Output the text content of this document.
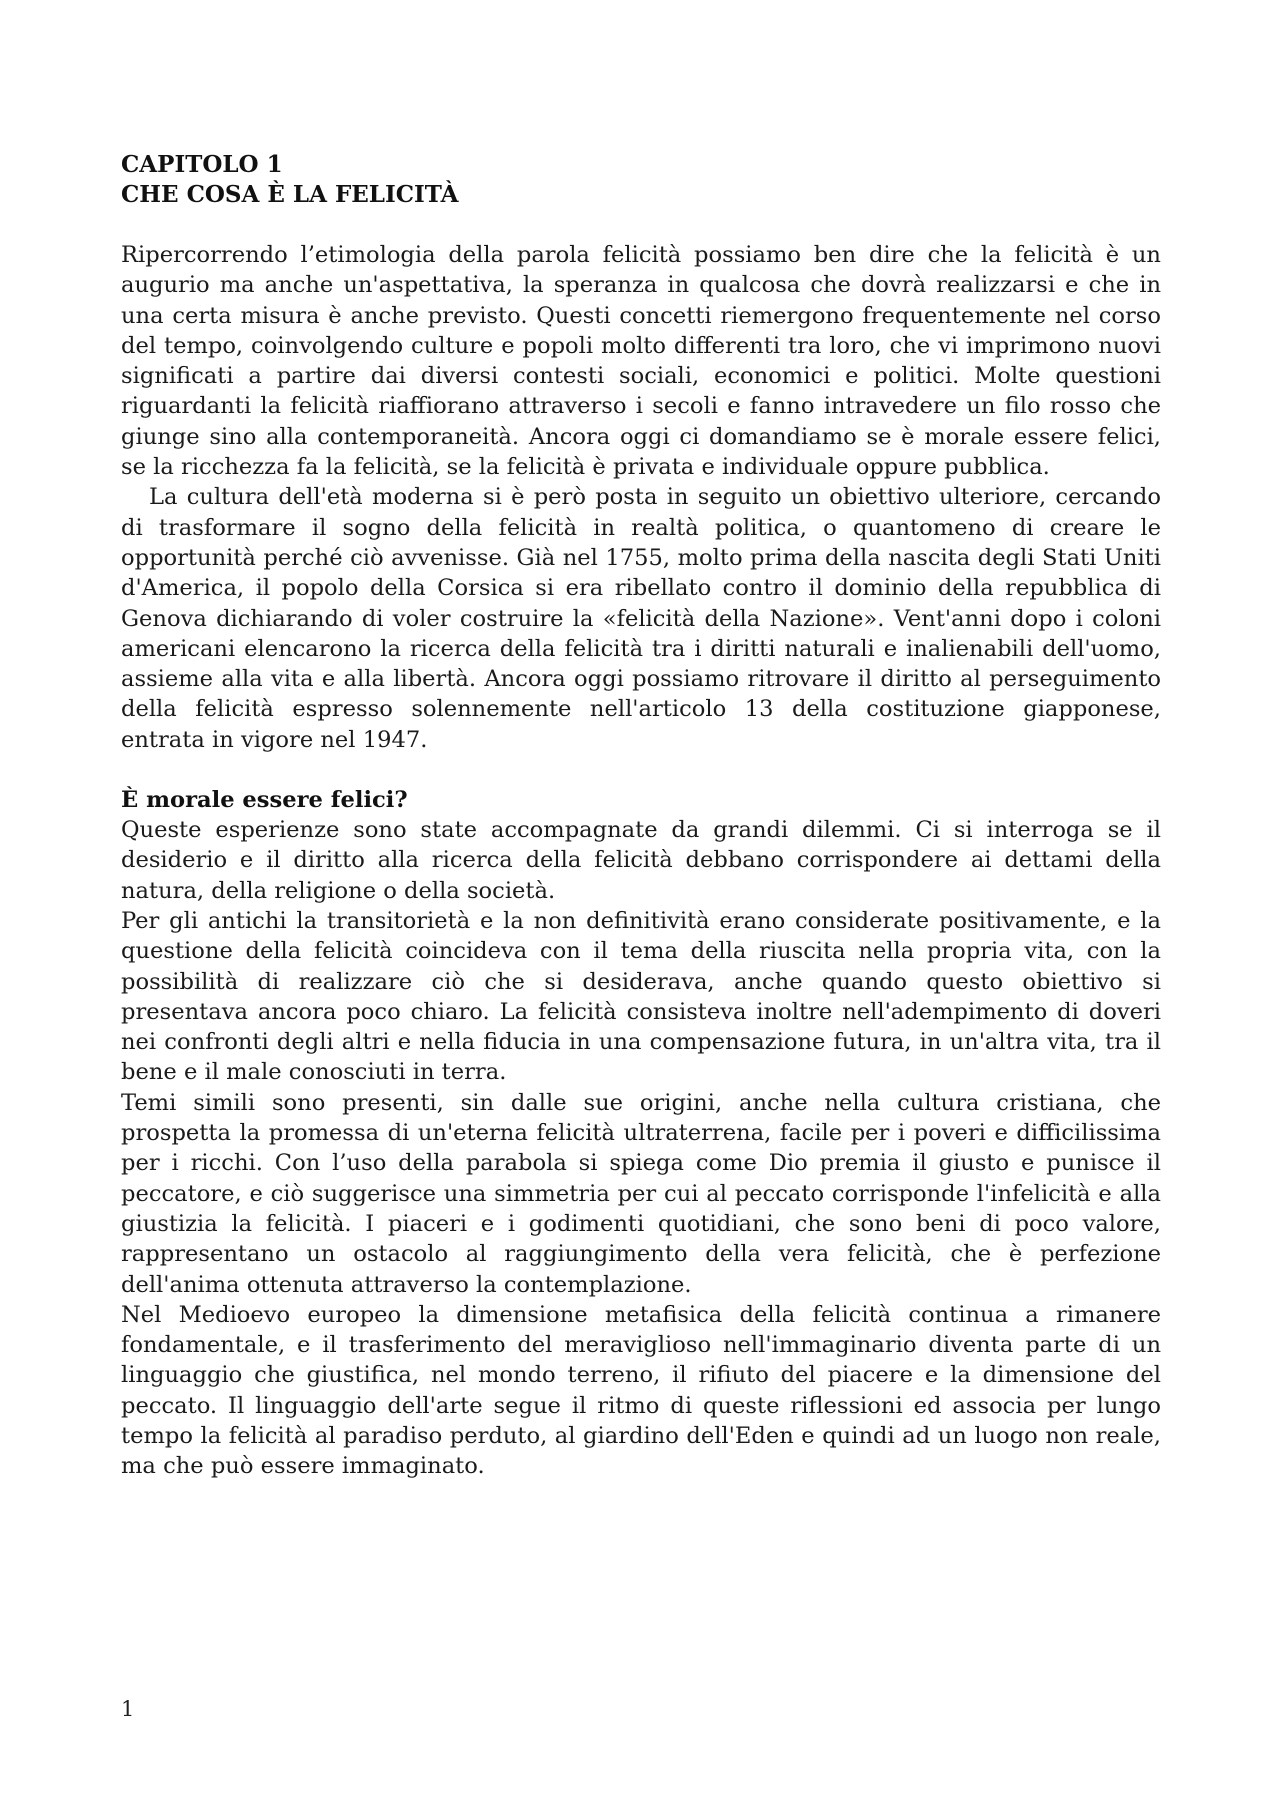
CAPITOLO 1
CHE COSA È LA FELICITÀ

Ripercorrendo l’etimologia della parola felicità possiamo ben dire che la felicità è un augurio ma anche un'aspettativa, la speranza in qualcosa che dovrà realizzarsi e che in una certa misura è anche previsto. Questi concetti riemergono frequentemente nel corso del tempo, coinvolgendo culture e popoli molto differenti tra loro, che vi imprimono nuovi significati a partire dai diversi contesti sociali, economici e politici. Molte questioni riguardanti la felicità riaffiorano attraverso i secoli e fanno intravedere un filo rosso che giunge sino alla contemporaneità. Ancora oggi ci domandiamo se è morale essere felici, se la ricchezza fa la felicità, se la felicità è privata e individuale oppure pubblica.

La cultura dell'età moderna si è però posta in seguito un obiettivo ulteriore, cercando di trasformare il sogno della felicità in realtà politica, o quantomeno di creare le opportunità perché ciò avvenisse. Già nel 1755, molto prima della nascita degli Stati Uniti d'America, il popolo della Corsica si era ribellato contro il dominio della repubblica di Genova dichiarando di voler costruire la «felicità della Nazione». Vent'anni dopo i coloni americani elencarono la ricerca della felicità tra i diritti naturali e inalienabili dell'uomo, assieme alla vita e alla libertà. Ancora oggi possiamo ritrovare il diritto al perseguimento della felicità espresso solennemente nell'articolo 13 della costituzione giapponese, entrata in vigore nel 1947.

È morale essere felici?

Queste esperienze sono state accompagnate da grandi dilemmi. Ci si interroga se il desiderio e il diritto alla ricerca della felicità debbano corrispondere ai dettami della natura, della religione o della società.

Per gli antichi la transitorietà e la non definitività erano considerate positivamente, e la questione della felicità coincideva con il tema della riuscita nella propria vita, con la possibilità di realizzare ciò che si desiderava, anche quando questo obiettivo si presentava ancora poco chiaro. La felicità consisteva inoltre nell'adempimento di doveri nei confronti degli altri e nella fiducia in una compensazione futura, in un'altra vita, tra il bene e il male conosciuti in terra.

Temi simili sono presenti, sin dalle sue origini, anche nella cultura cristiana, che prospetta la promessa di un'eterna felicità ultraterrena, facile per i poveri e difficilissima per i ricchi. Con l’uso della parabola si spiega come Dio premia il giusto e punisce il peccatore, e ciò suggerisce una simmetria per cui al peccato corrisponde l'infelicità e alla giustizia la felicità. I piaceri e i godimenti quotidiani, che sono beni di poco valore, rappresentano un ostacolo al raggiungimento della vera felicità, che è perfezione dell'anima ottenuta attraverso la contemplazione.

Nel Medioevo europeo la dimensione metafisica della felicità continua a rimanere fondamentale, e il trasferimento del meraviglioso nell'immaginario diventa parte di un linguaggio che giustifica, nel mondo terreno, il rifiuto del piacere e la dimensione del peccato. Il linguaggio dell'arte segue il ritmo di queste riflessioni ed associa per lungo tempo la felicità al paradiso perduto, al giardino dell'Eden e quindi ad un luogo non reale, ma che può essere immaginato.

1
